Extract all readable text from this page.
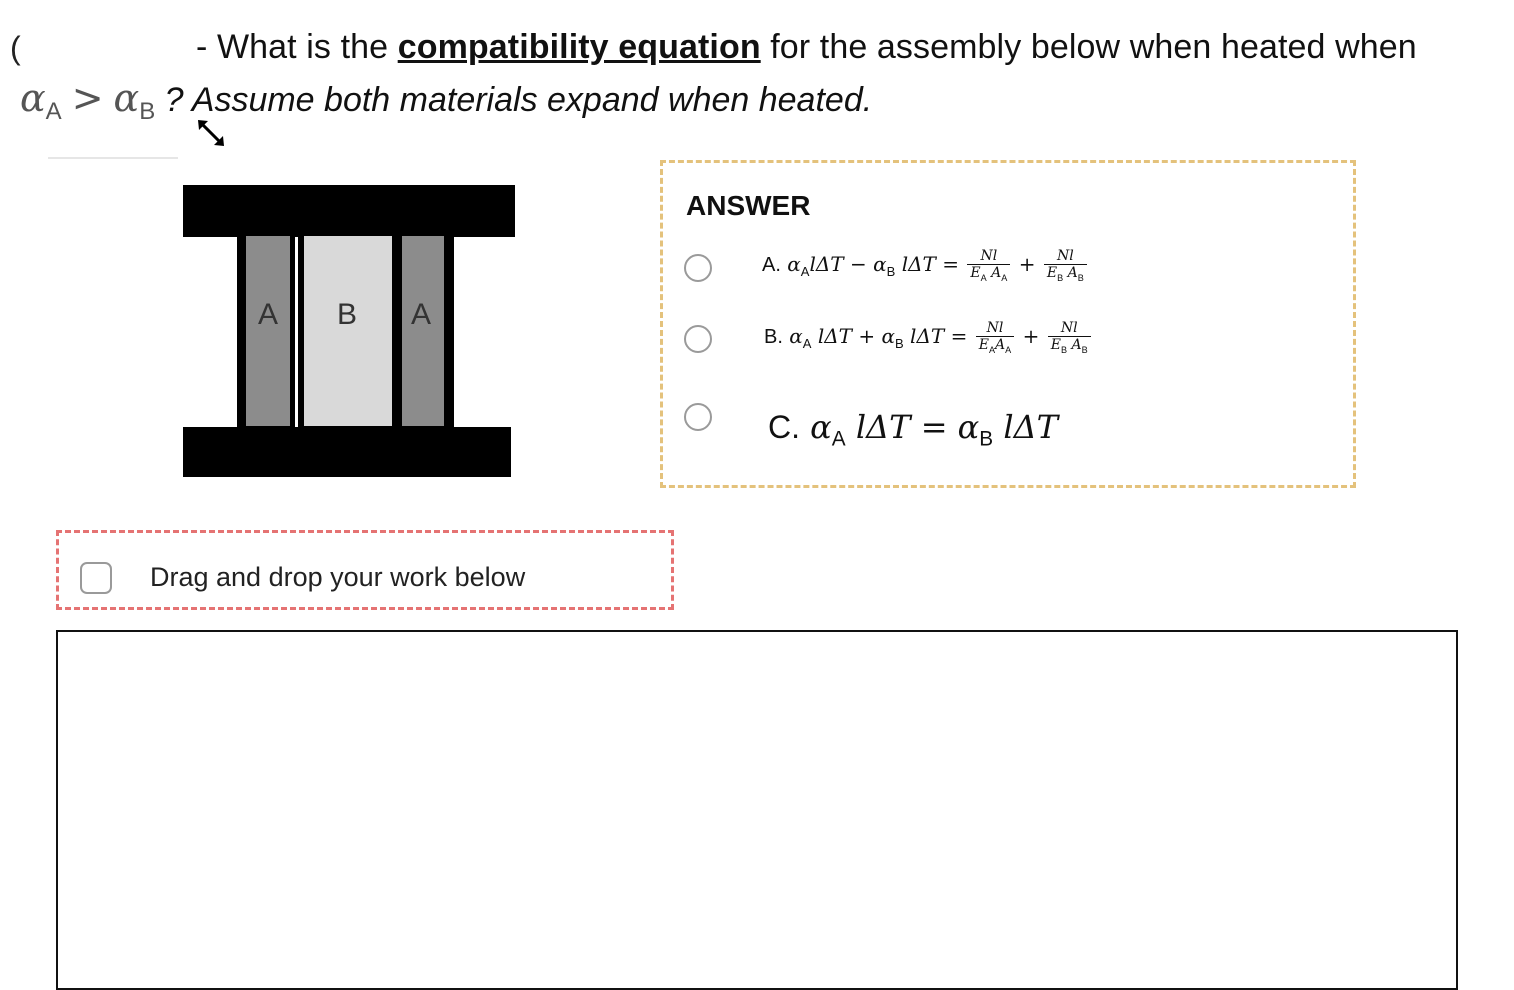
(	- What is the compatibility equation for the assembly below when heated when
$\alpha_A > \alpha_B$ ? Assume both materials expand when heated.
A B A
ANSWER
A. $\alpha_Al\Delta T - \alpha_B$ $l\Delta T = \frac{Nl}{E_A A_A} + \frac{Nl}{E_B A_B}$
B. $\alpha_A$ $l\Delta T + \alpha_B$ $l\Delta T = \frac{Nl}{E_AA_A} + \frac{Nl}{E_B A_B}$
C. $\alpha_A$ $l\Delta T = \alpha_B$ lΔT
Drag and drop your work below
